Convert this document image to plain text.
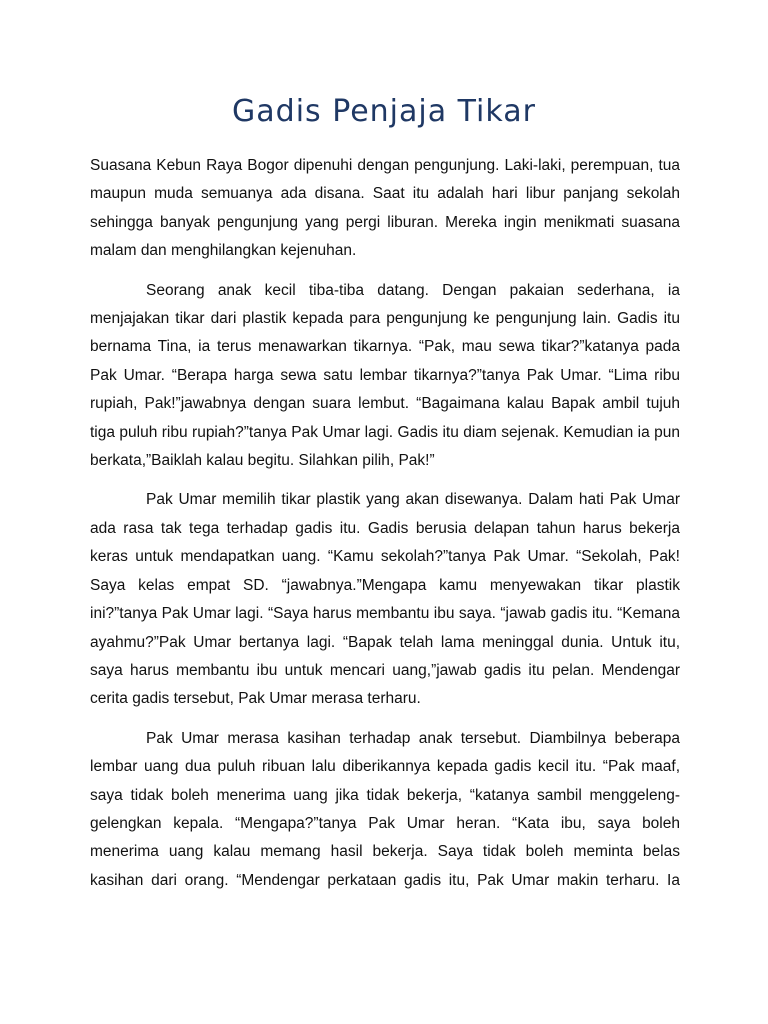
Gadis Penjaja Tikar

Suasana Kebun Raya Bogor dipenuhi dengan pengunjung. Laki-laki, perempuan, tua maupun muda semuanya ada disana. Saat itu adalah hari libur panjang sekolah sehingga banyak pengunjung yang pergi liburan. Mereka ingin menikmati suasana malam dan menghilangkan kejenuhan.

Seorang anak kecil tiba-tiba datang. Dengan pakaian sederhana, ia menjajakan tikar dari plastik kepada para pengunjung ke pengunjung lain. Gadis itu bernama Tina, ia terus menawarkan tikarnya. “Pak, mau sewa tikar?”katanya pada Pak Umar. “Berapa harga sewa satu lembar tikarnya?”tanya Pak Umar. “Lima ribu rupiah, Pak!”jawabnya dengan suara lembut. “Bagaimana kalau Bapak ambil tujuh tiga puluh ribu rupiah?”tanya Pak Umar lagi. Gadis itu diam sejenak. Kemudian ia pun berkata,”Baiklah kalau begitu. Silahkan pilih, Pak!”

Pak Umar memilih tikar plastik yang akan disewanya. Dalam hati Pak Umar ada rasa tak tega terhadap gadis itu. Gadis berusia delapan tahun harus bekerja keras untuk mendapatkan uang. “Kamu sekolah?”tanya Pak Umar. “Sekolah, Pak! Saya kelas empat SD. “jawabnya.”Mengapa kamu menyewakan tikar plastik ini?”tanya Pak Umar lagi. “Saya harus membantu ibu saya. “jawab gadis itu. “Kemana ayahmu?”Pak Umar bertanya lagi. “Bapak telah lama meninggal dunia. Untuk itu, saya harus membantu ibu untuk mencari uang,”jawab gadis itu pelan. Mendengar cerita gadis tersebut, Pak Umar merasa terharu.

Pak Umar merasa kasihan terhadap anak tersebut. Diambilnya beberapa lembar uang dua puluh ribuan lalu diberikannya kepada gadis kecil itu. “Pak maaf, saya tidak boleh menerima uang jika tidak bekerja, “katanya sambil menggeleng-gelengkan kepala. “Mengapa?”tanya Pak Umar heran. “Kata ibu, saya boleh menerima uang kalau memang hasil bekerja. Saya tidak boleh meminta belas kasihan dari orang. “Mendengar perkataan gadis itu, Pak Umar makin terharu. Ia
